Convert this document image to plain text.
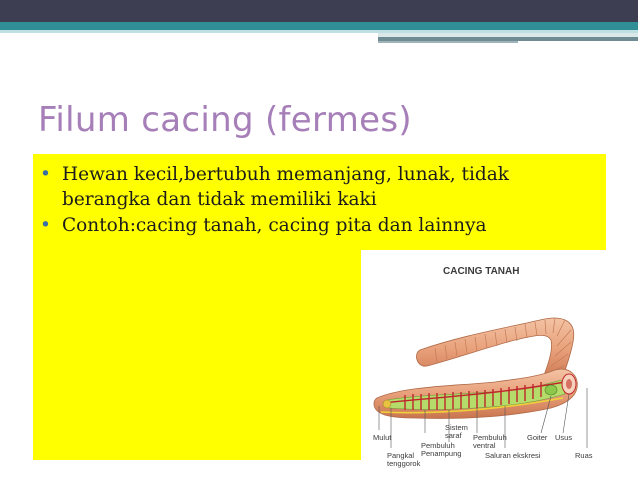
Filum cacing (fermes)
• Hewan kecil,bertubuh memanjang, lunak, tidak berangka dan tidak memiliki kaki
• Contoh:cacing tanah, cacing pita dan lainnya
CACING TANAH
Mulut
Sistem
saraf Pembuluh
ventral
Pembuluh
Penampung
Pangkal
tenggorok
Goiter Usus
Saluran ekskresi	Ruas
